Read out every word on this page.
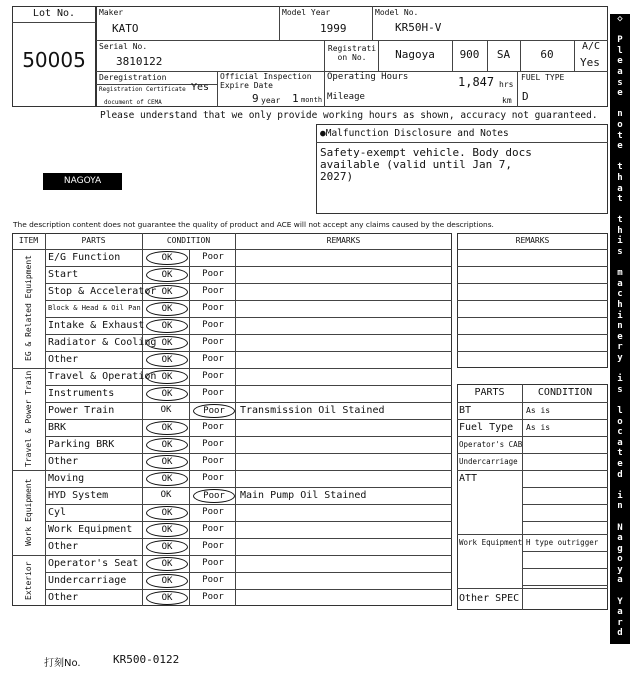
Lot No.
50005
Maker
KATO
Model Year
1999
Model No.
KR50H-V
Serial No.
3810122
Registrati on No.	Nagoya	900	SA	60
A/C
Yes
Deregistration
Registration Certificate
document of CEMA
Yes
Official Inspection Expire Date
9 year 1 month
Operating Hours	1,847 hrs
Mileage	km
FUEL TYPE
D
Please understand that we only provide working hours as shown, accuracy not guaranteed.
●Malfunction Disclosure and Notes
Safety-exempt vehicle. Body docs available (valid until Jan 7, 2027)
NAGOYA
The description content does not guarantee the quality of product and ACE will not accept any claims caused by the descriptions.
ITEM	PARTS	CONDITION	REMARKS
EG & Related Equipment	E/G Function	OK	Poor
Start	OK	Poor
Stop & Accelerator OK	Poor
Block & Head & Oil Pan	OK	Poor
Intake & Exhaust	OK	Poor
Radiator & Cooling OK	Poor
Other	OK	Poor
Travel & Power Train	Travel & Operation OK	Poor
Instruments	OK	Poor
Power Train	OK	Poor	Transmission Oil Stained
BRK	OK	Poor
Parking BRK	OK	Poor
Other	OK	Poor
Work Equipment
Moving	OK	Poor
HYD System	OK	Poor	Main Pump Oil Stained
Cyl	OK	Poor
Work Equipment	OK	Poor
Other	OK	Poor
Exterior	Operator's Seat	OK	Poor
Undercarriage	OK	Poor
Other	OK	Poor
REMARKS
PARTS	CONDITION
BT	As is
Fuel Type As is
Operator's CAB
Undercarriage
ATT
Work Equipment H type outrigger
Other SPEC
◇

P
l
e
a
s
e

n
o
t
e

t
h
a
t

t
h
i
s

m
a
c
h
i
n
e
r
y

i
s

l
o
c
a
t
e
d

i
n

N
a
g
o
y
a

Y
a
r
d

◇
打刻No.	KR500-0122
